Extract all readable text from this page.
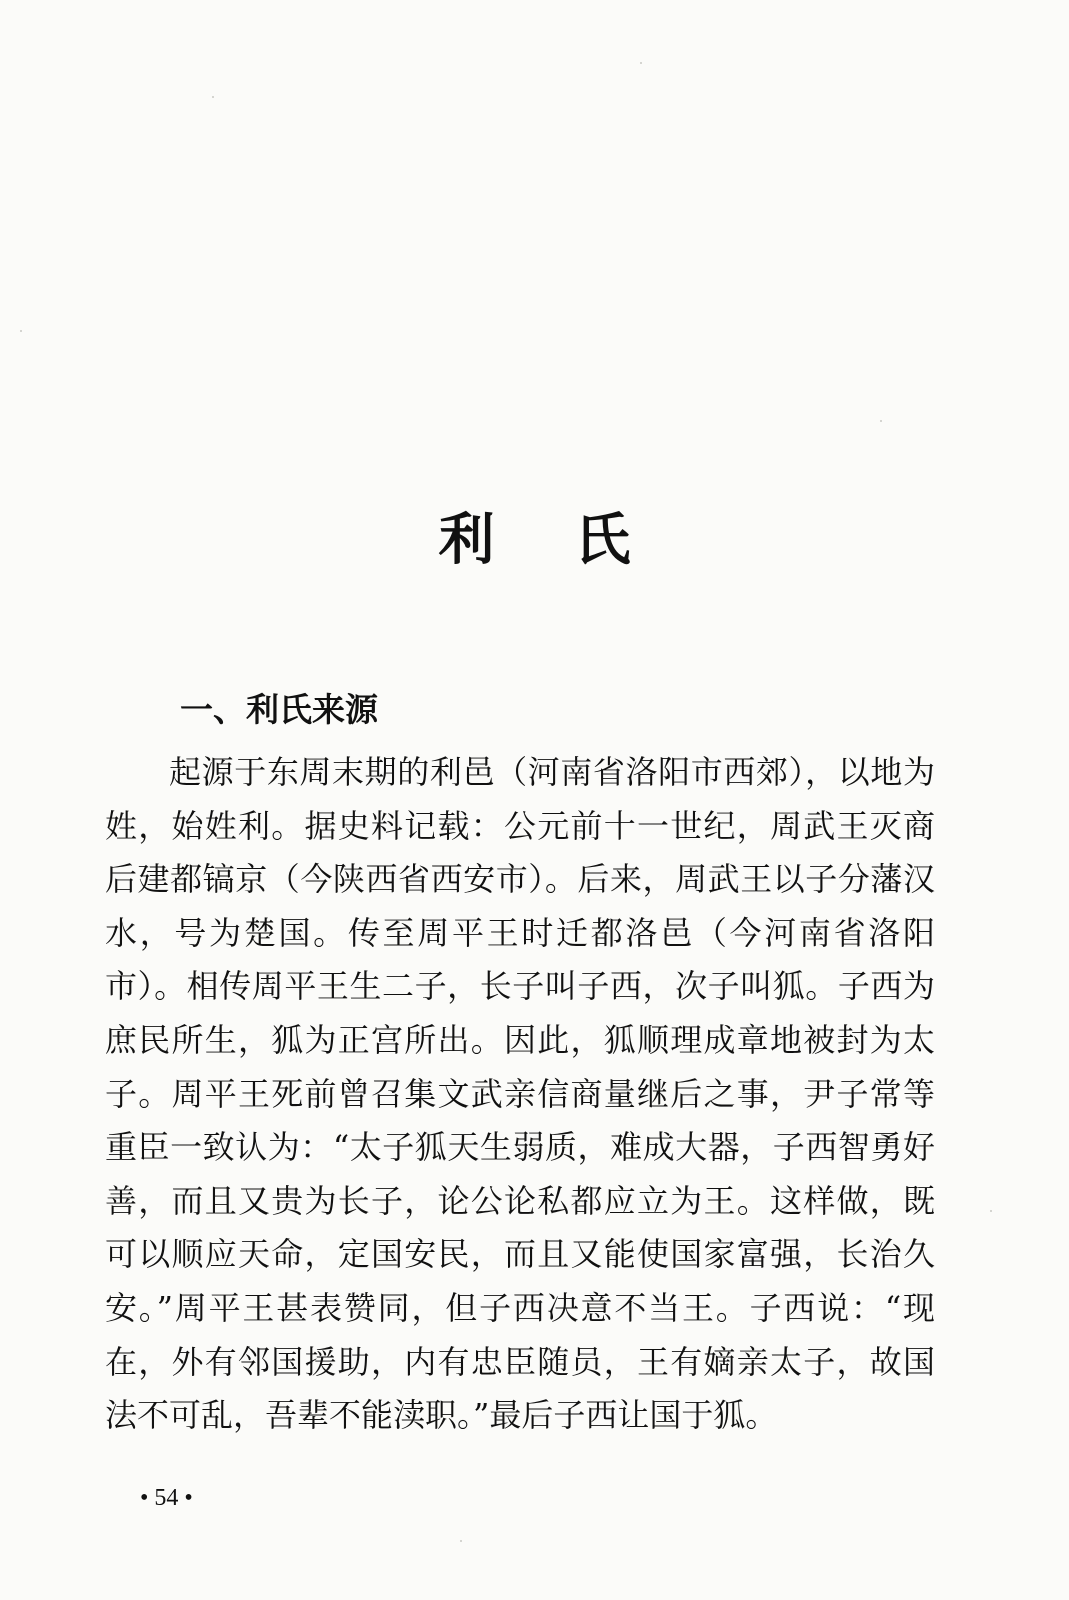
利 氏
一、利氏来源

起源于东周末期的利邑（河南省洛阳市西郊），以地为姓，始姓利。据史料记载：公元前十一世纪，周武王灭商后建都镐京（今陕西省西安市）。后来，周武王以子分藩汉水，号为楚国。传至周平王时迁都洛邑（今河南省洛阳市）。相传周平王生二子，长子叫子西，次子叫狐。子西为庶民所生，狐为正宫所出。因此，狐顺理成章地被封为太子。周平王死前曾召集文武亲信商量继后之事，尹子常等重臣一致认为：“太子狐天生弱质，难成大器，子西智勇好善，而且又贵为长子，论公论私都应立为王。这样做，既可以顺应天命，定国安民，而且又能使国家富强，长治久安。”周平王甚表赞同，但子西决意不当王。子西说：“现在，外有邻国援助，内有忠臣随员，王有嫡亲太子，故国法不可乱，吾辈不能渎职。”最后子西让国于狐。

• 54 •
